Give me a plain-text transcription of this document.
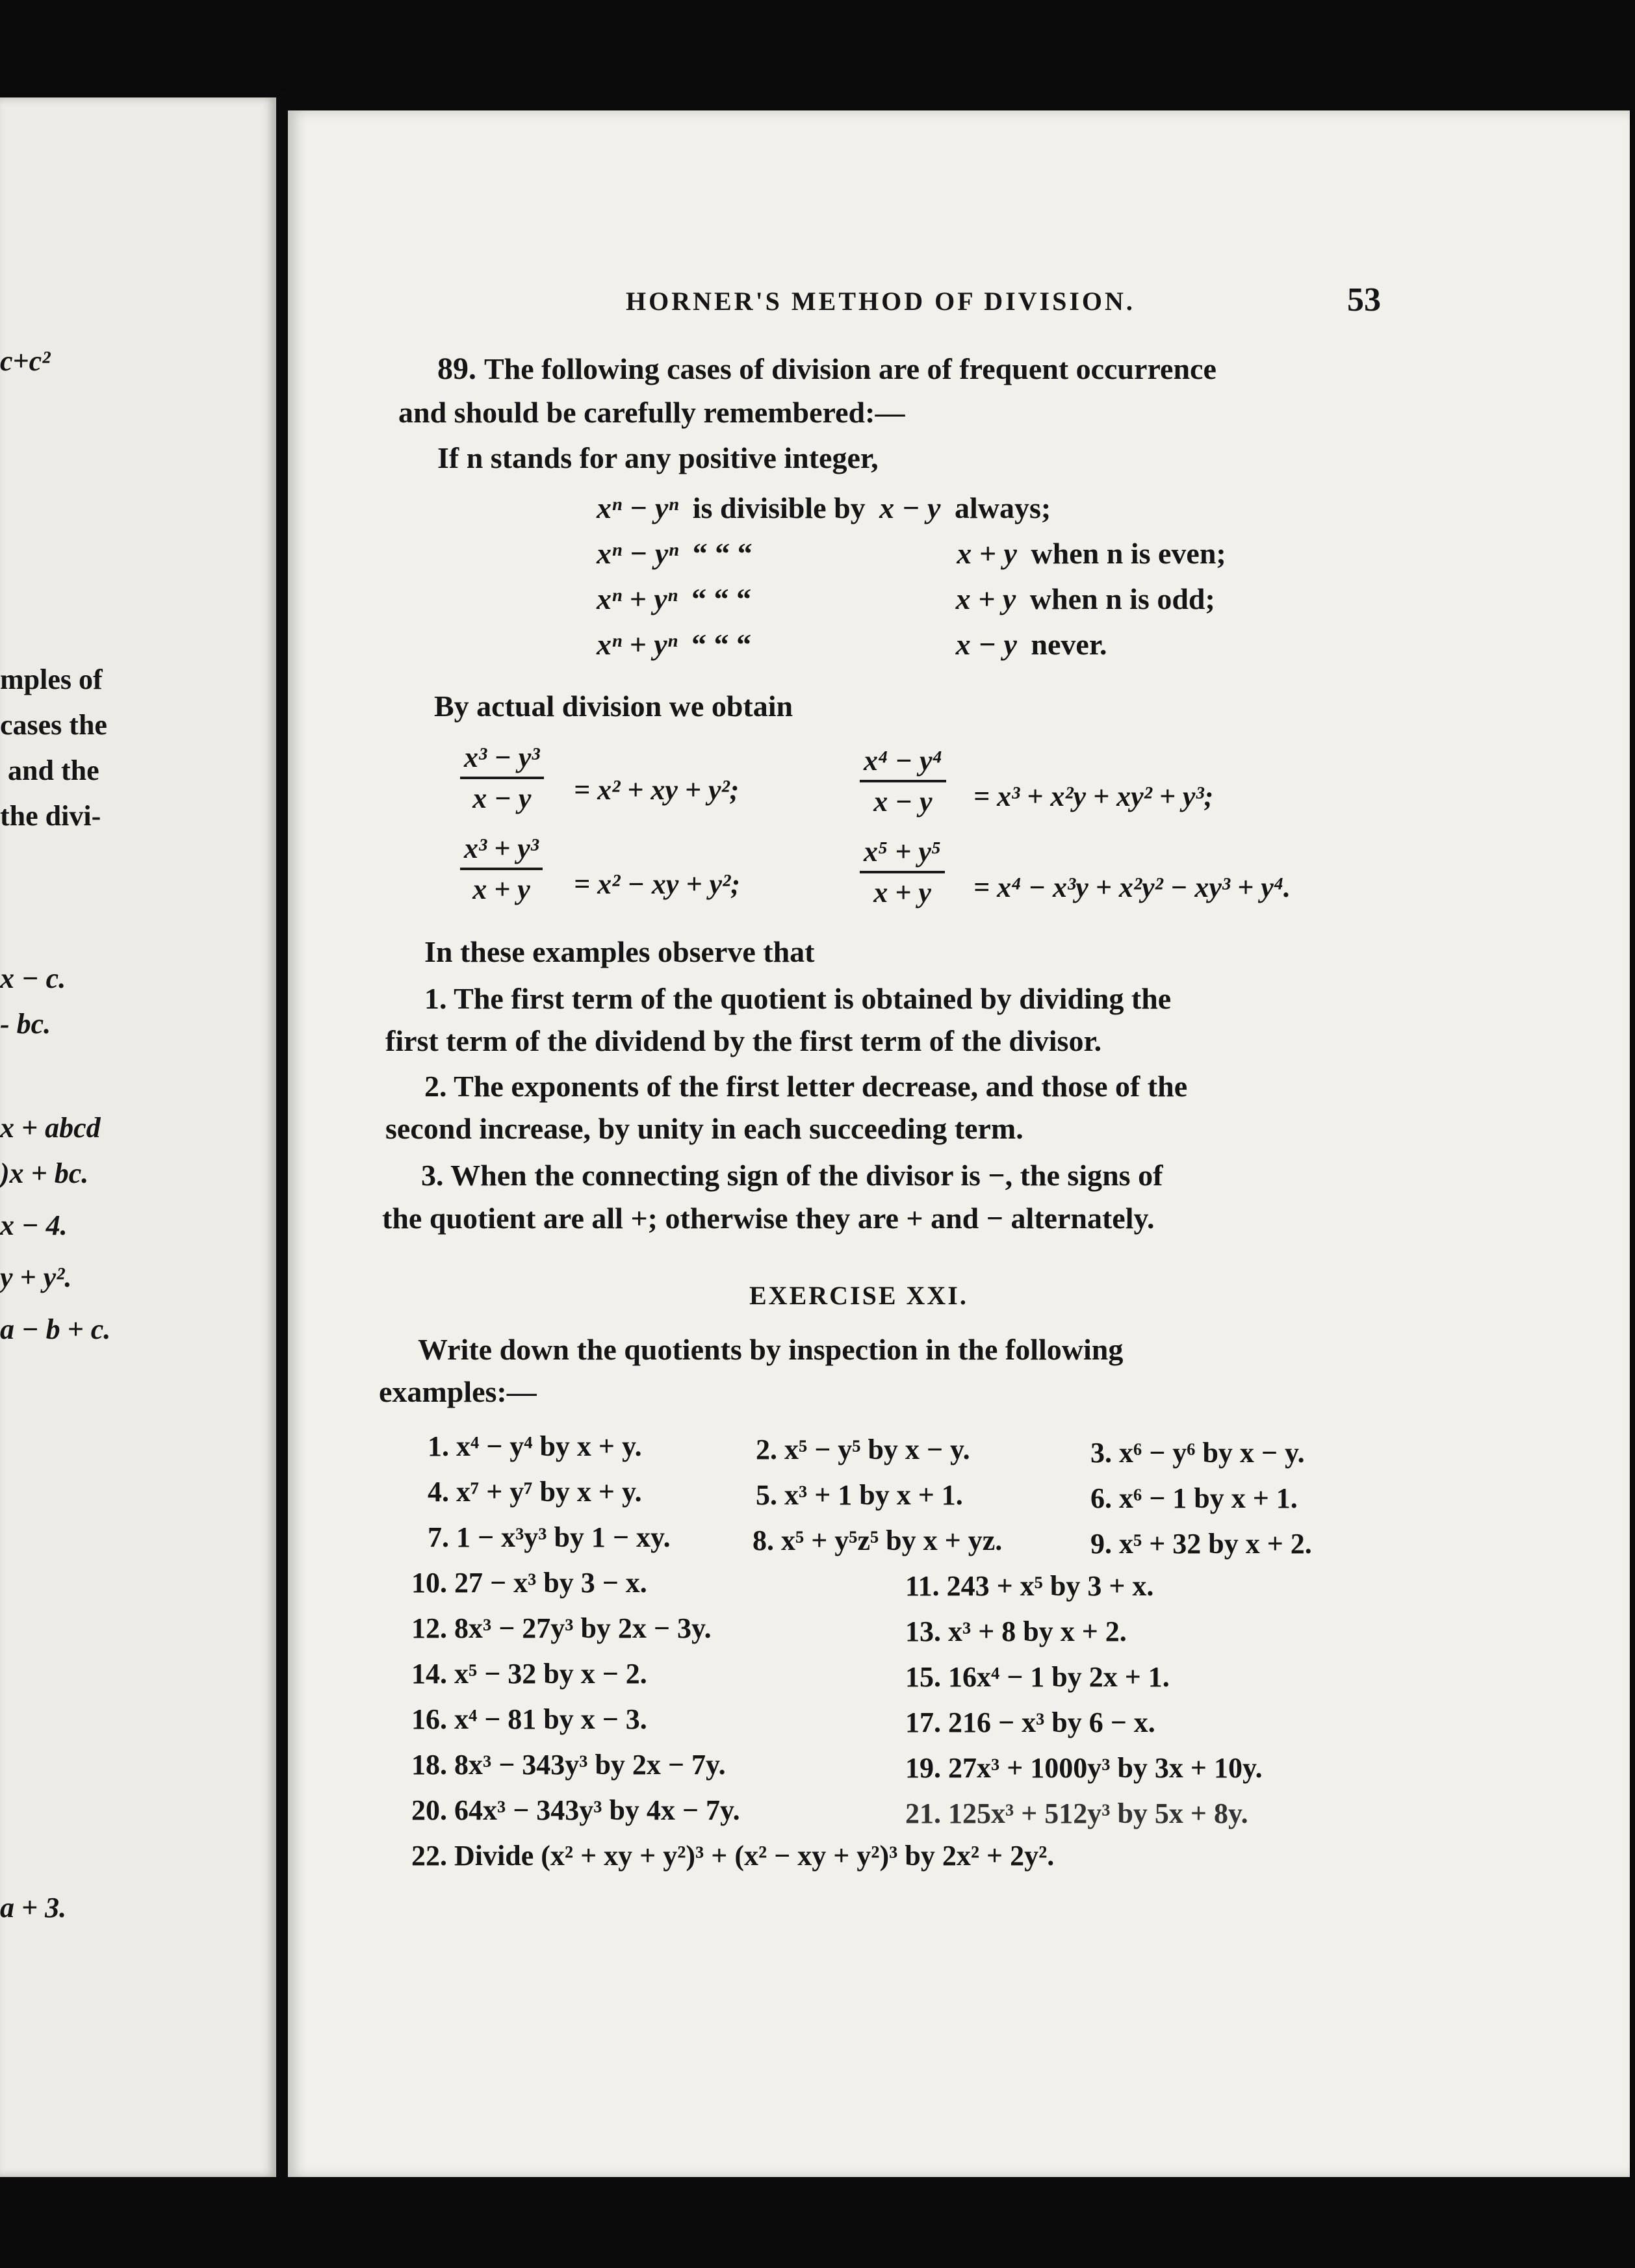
c+c²
mples of
cases the
and the
the divi-
x − c.
- bc.
x + abcd
)x + bc.
x − 4.
y + y².
a − b + c.
a + 3.
HORNER'S METHOD OF DIVISION.	53
89. The following cases of division are of frequent occurrence
and should be carefully remembered:—
If n stands for any positive integer,
xⁿ − yⁿ is divisible by x − y always;
xⁿ − yⁿ “ “ “	x + y when n is even;
xⁿ + yⁿ “ “ “	x + y when n is odd;
xⁿ + yⁿ “ “ “	x − y never.
By actual division we obtain
$\frac{\text{x³ − y³}}{x - y} = x^2$ + xy + y²;	$\frac{\text{x⁴ − y⁴}}{x - y} = x^3 + x^2y + xy^2 + y^3$;
$\frac{\text{x³ + y³}}{x + y} = x^2$ − xy + y²;	$\frac{\text{x⁵ + y⁵}}{x + y} = x^4 - x^3y + x^2y^2 - xy^3 + y^4$.
In these examples observe that
1. The first term of the quotient is obtained by dividing the
first term of the dividend by the first term of the divisor.
2. The exponents of the first letter decrease, and those of the
second increase, by unity in each succeeding term.
3. When the connecting sign of the divisor is −, the signs of
the quotient are all +; otherwise they are + and − alternately.
EXERCISE XXI.
Write down the quotients by inspection in the following
examples:—
1. x⁴ − y⁴ by x + y.	2. x⁵ − y⁵ by x − y.	3. x⁶ − y⁶ by x − y.
4. x⁷ + y⁷ by x + y.	5. x³ + 1 by x + 1.	6. x⁶ − 1 by x + 1.
7. 1 − x³y³ by 1 − xy.	8. x⁵ + y⁵z⁵ by x + yz.	9. x⁵ + 32 by x + 2.
10. 27 − x³ by 3 − x.	11. 243 + x⁵ by 3 + x.
12. 8x³ − 27y³ by 2x − 3y.	13. x³ + 8 by x + 2.
14. x⁵ − 32 by x − 2.	15. 16x⁴ − 1 by 2x + 1.
16. x⁴ − 81 by x − 3.	17. 216 − x³ by 6 − x.
18. 8x³ − 343y³ by 2x − 7y.	19. 27x³ + 1000y³ by 3x + 10y.
20. 64x³ − 343y³ by 4x − 7y.	21. 125x³ + 512y³ by 5x + 8y.
22. Divide (x² + xy + y²)³ + (x² − xy + y²)³ by 2x² + 2y².
